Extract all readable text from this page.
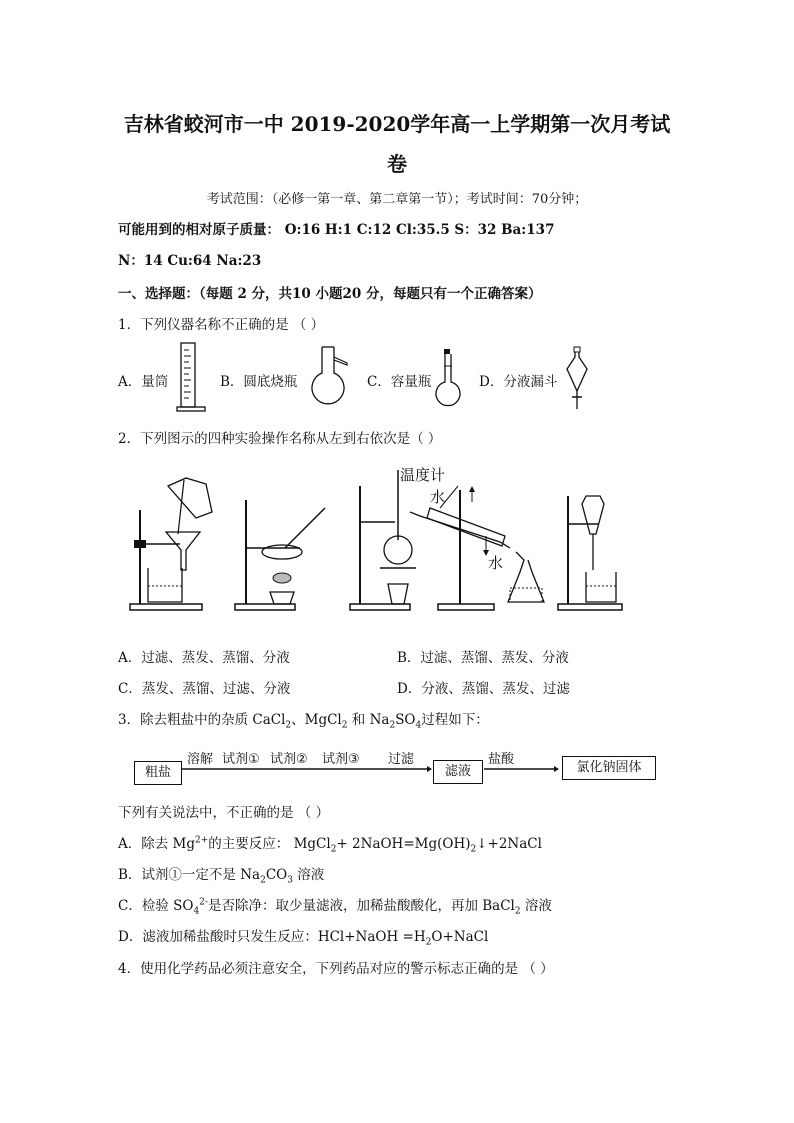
吉林省蛟河市一中 2019-2020学年高一上学期第一次月考试
卷
考试范围：（必修一第一章、第二章第一节）；考试时间：70分钟；
可能用到的相对原子质量： O:16 H:1 C:12 Cl:35.5 S：32 Ba:137
N：14 Cu:64 Na:23
一、选择题：（每题 2 分，共10 小题20 分，每题只有一个正确答案）
1．下列仪器名称不正确的是 （ ）
A．量筒	B．圆底烧瓶	C．容量瓶	D．分液漏斗
2．下列图示的四种实验操作名称从左到右依次是（ ）
温度计
水
水
A．过滤、蒸发、蒸馏、分液	B．过滤、蒸馏、蒸发、分液
C．蒸发、蒸馏、过滤、分液	D．分液、蒸馏、蒸发、过滤
3．除去粗盐中的杂质 CaCl$_2$、MgCl$_2$ 和 $Na_2SO_4$过程如下：
粗盐
溶解 试剂① 试剂② 试剂③ 过滤
滤液
盐酸
氯化钠固体
下列有关说法中，不正确的是 （ ）
A．除去 $Mg^{2+}$的主要反应： MgCl$_2$+ $2NaOH=Mg(OH)_2↓+2NaCl$
B．试剂①一定不是 $Na_2CO_3$ 溶液
C．检验 $SO_4^{2-}$是否除净：取少量滤液，加稀盐酸酸化，再加 BaCl$_2$ 溶液
D．滤液加稀盐酸时只发生反应：HCl+NaOH $=H_2O+NaCl$
4．使用化学药品必须注意安全，下列药品对应的警示标志正确的是 （ ）
